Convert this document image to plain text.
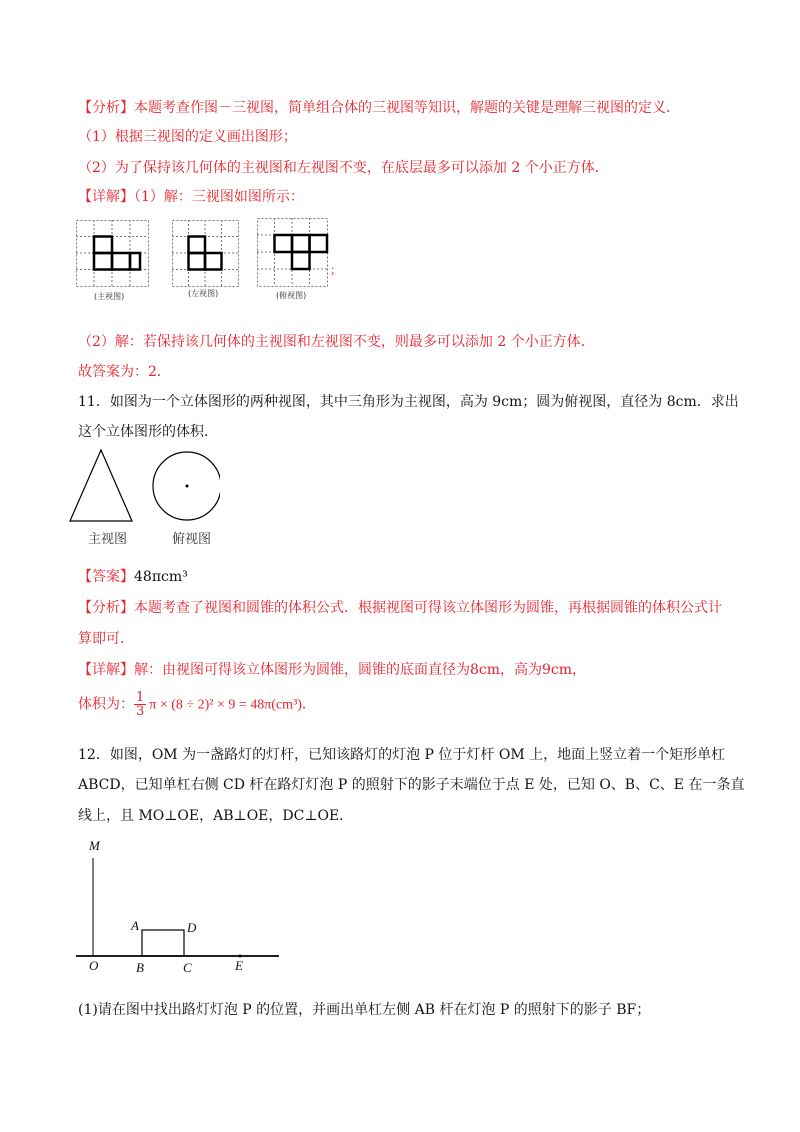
【分析】本题考查作图－三视图，简单组合体的三视图等知识，解题的关键是理解三视图的定义．
（1）根据三视图的定义画出图形；
（2）为了保持该几何体的主视图和左视图不变，在底层最多可以添加 2 个小正方体．
【详解】（1）解：三视图如图所示：
(主视图)	(左视图)	(俯视图)
；
（2）解：若保持该几何体的主视图和左视图不变，则最多可以添加 2 个小正方体．
故答案为：2．
11．如图为一个立体图形的两种视图，其中三角形为主视图，高为 9cm；圆为俯视图，直径为 8cm．求出
这个立体图形的体积．
主视图	俯视图
【答案】48πcm³
【分析】本题考查了视图和圆锥的体积公式．根据视图可得该立体图形为圆锥，再根据圆锥的体积公式计
算即可．
【详解】解：由视图可得该立体图形为圆锥，圆锥的底面直径为8cm，高为9cm，
体积为： $\frac{1}{3}$ π × (8 ÷ 2)² × 9 = 48π(cm³)．
12．如图，OM 为一盏路灯的灯杆，已知该路灯的灯泡 P 位于灯杆 OM 上，地面上竖立着一个矩形单杠
ABCD，已知单杠右侧 CD 杆在路灯灯泡 P 的照射下的影子末端位于点 E 处，已知 O、B、C、E 在一条直
线上，且 MO⊥OE，AB⊥OE，DC⊥OE．
M
A	D
O	B	C	E
(1)请在图中找出路灯灯泡 P 的位置，并画出单杠左侧 AB 杆在灯泡 P 的照射下的影子 BF；
